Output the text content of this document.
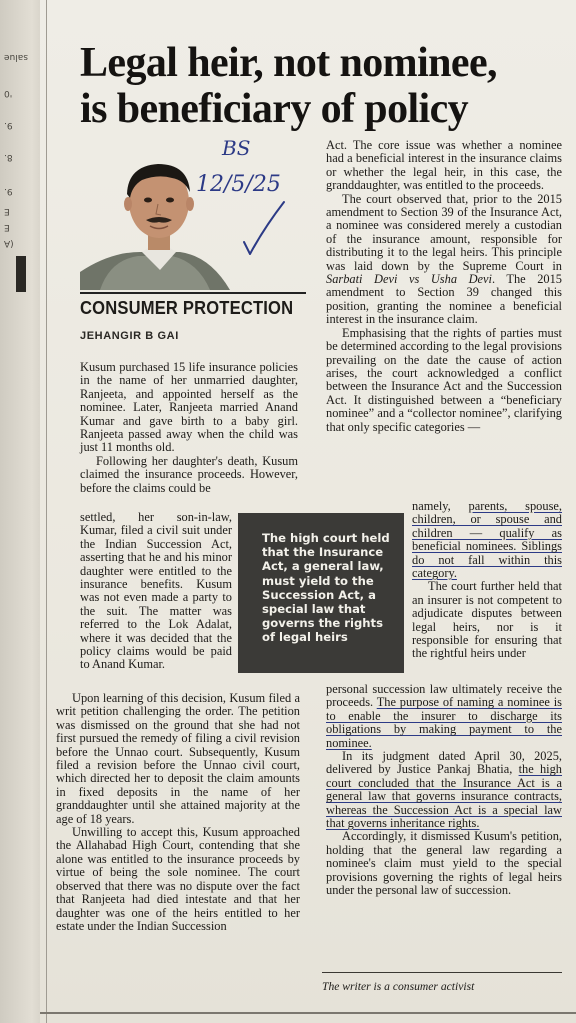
salue
'0
9.
8.
9.
E
E
(A
Legal heir, not nominee,
is beneficiary of policy
BS
12/5/25
CONSUMER PROTECTION
JEHANGIR B GAI

Kusum purchased 15 life insurance policies in the name of her unmarried daughter, Ranjeeta, and appointed herself as the nominee. Later, Ranjeeta married Anand Kumar and gave birth to a baby girl. Ranjeeta passed away when the child was just 11 months old.

Following her daughter's death, Kusum claimed the insurance proceeds. However, before the claims could be

settled, her son-in-law, Kumar, filed a civil suit under the Indian Succession Act, asserting that he and his minor daughter were entitled to the insurance benefits. Kusum was not even made a party to the suit. The matter was referred to the Lok Adalat, where it was decided that the policy claims would be paid to Anand Kumar.

Upon learning of this decision, Kusum filed a writ petition challenging the order. The petition was dismissed on the ground that she had not first pursued the remedy of filing a civil revision before the Unnao court. Subsequently, Kusum filed a revision before the Unnao civil court, which directed her to deposit the claim amounts in fixed deposits in the name of her granddaughter until she attained majority at the age of 18 years.

Unwilling to accept this, Kusum approached the Allahabad High Court, contending that she alone was entitled to the insurance proceeds by virtue of being the sole nominee. The court observed that there was no dispute over the fact that Ranjeeta had died intestate and that her daughter was one of the heirs entitled to her estate under the Indian Succession

The high court held that the Insurance Act, a general law, must yield to the Succession Act, a special law that governs the rights of legal heirs

Act. The core issue was whether a nominee had a beneficial interest in the insurance claims or whether the legal heir, in this case, the granddaughter, was entitled to the proceeds.

The court observed that, prior to the 2015 amendment to Section 39 of the Insurance Act, a nominee was considered merely a custodian of the insurance amount, responsible for distributing it to the legal heirs. This principle was laid down by the Supreme Court in Sarbati Devi vs Usha Devi. The 2015 amendment to Section 39 changed this position, granting the nominee a beneficial interest in the insurance claim.

Emphasising that the rights of parties must be determined according to the legal provisions prevailing on the date the cause of action arises, the court acknowledged a conflict between the Insurance Act and the Succession Act. It distinguished between a “beneficiary nominee” and a “collector nominee”, clarifying that only specific categories —

namely, parents, spouse, children, or spouse and children — qualify as beneficial nominees. Siblings do not fall within this category.

The court further held that an insurer is not competent to adjudicate disputes between legal heirs, nor is it responsible for ensuring that the rightful heirs under

personal succession law ultimately receive the proceeds. The purpose of naming a nominee is to enable the insurer to discharge its obligations by making payment to the nominee.

In its judgment dated April 30, 2025, delivered by Justice Pankaj Bhatia, the high court concluded that the Insurance Act is a general law that governs insurance contracts, whereas the Succession Act is a special law that governs inheritance rights.

Accordingly, it dismissed Kusum's petition, holding that the general law regarding a nominee's claim must yield to the special provisions governing the rights of legal heirs under the personal law of succession.

The writer is a consumer activist
